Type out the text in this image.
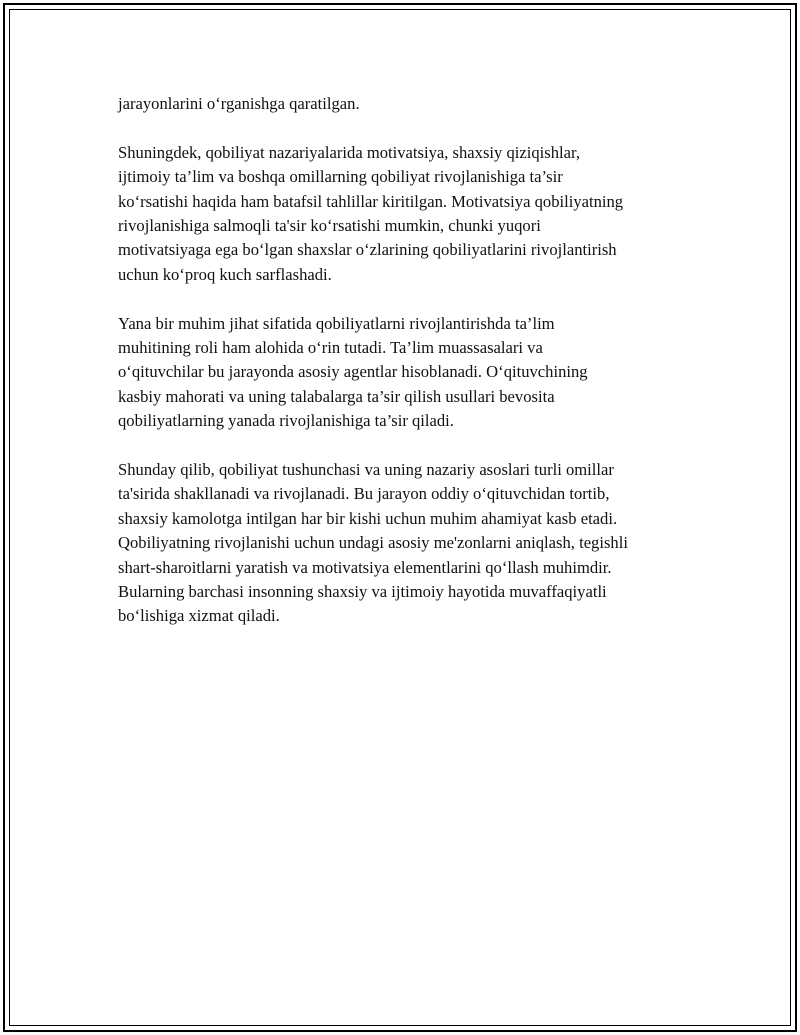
jarayonlarini o‘rganishga qaratilgan.

Shuningdek, qobiliyat nazariyalarida motivatsiya, shaxsiy qiziqishlar,
ijtimoiy ta’lim va boshqa omillarning qobiliyat rivojlanishiga ta’sir
ko‘rsatishi haqida ham batafsil tahlillar kiritilgan. Motivatsiya qobiliyatning
rivojlanishiga salmoqli ta'sir ko‘rsatishi mumkin, chunki yuqori
motivatsiyaga ega bo‘lgan shaxslar o‘zlarining qobiliyatlarini rivojlantirish
uchun ko‘proq kuch sarflashadi.

Yana bir muhim jihat sifatida qobiliyatlarni rivojlantirishda ta’lim
muhitining roli ham alohida o‘rin tutadi. Ta’lim muassasalari va
o‘qituvchilar bu jarayonda asosiy agentlar hisoblanadi. O‘qituvchining
kasbiy mahorati va uning talabalarga ta’sir qilish usullari bevosita
qobiliyatlarning yanada rivojlanishiga ta’sir qiladi.

Shunday qilib, qobiliyat tushunchasi va uning nazariy asoslari turli omillar
ta'sirida shakllanadi va rivojlanadi. Bu jarayon oddiy o‘qituvchidan tortib,
shaxsiy kamolotga intilgan har bir kishi uchun muhim ahamiyat kasb etadi.
Qobiliyatning rivojlanishi uchun undagi asosiy me'zonlarni aniqlash, tegishli
shart-sharoitlarni yaratish va motivatsiya elementlarini qo‘llash muhimdir.
Bularning barchasi insonning shaxsiy va ijtimoiy hayotida muvaffaqiyatli
bo‘lishiga xizmat qiladi.
